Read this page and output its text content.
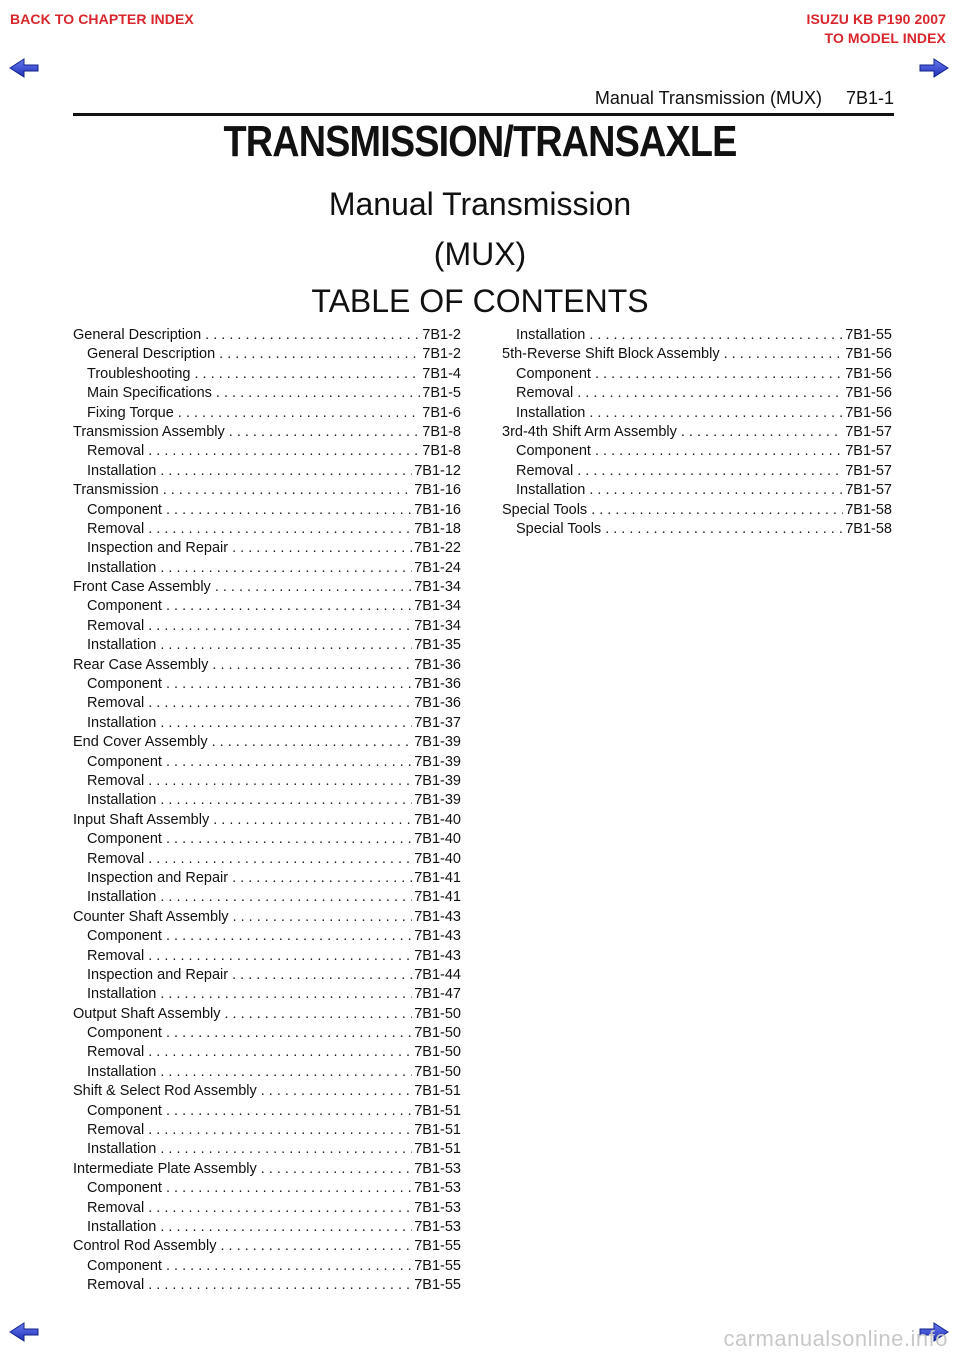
BACK TO CHAPTER INDEX	ISUZU KB P190 2007
TO MODEL INDEX
Manual Transmission (MUX) 7B1-1
TRANSMISSION/TRANSAXLE
Manual Transmission
(MUX)
TABLE OF CONTENTS
General Description . . .	7B1-2
General Description . . .	7B1-2
Troubleshooting . . .	7B1-4
Main Specifications . . .	7B1-5
Fixing Torque . . .	7B1-6
Transmission Assembly . . .	7B1-8
Removal . . .	7B1-8
Installation . . .	7B1-12
Transmission . . .	7B1-16
Component . . .	7B1-16
Removal . . .	7B1-18
Inspection and Repair . . .	7B1-22
Installation . . .	7B1-24
Front Case Assembly . . .	7B1-34
Component . . .	7B1-34
Removal . . .	7B1-34
Installation . . .	7B1-35
Rear Case Assembly . . .	7B1-36
Component . . .	7B1-36
Removal . . .	7B1-36
Installation . . .	7B1-37
End Cover Assembly . . .	7B1-39
Component . . .	7B1-39
Removal . . .	7B1-39
Installation . . .	7B1-39
Input Shaft Assembly . . .	7B1-40
Component . . .	7B1-40
Removal . . .	7B1-40
Inspection and Repair . . .	7B1-41
Installation . . .	7B1-41
Counter Shaft Assembly . . .	7B1-43
Component . . .	7B1-43
Removal . . .	7B1-43
Inspection and Repair . . .	7B1-44
Installation . . .	7B1-47
Output Shaft Assembly . . .	7B1-50
Component . . .	7B1-50
Removal . . .	7B1-50
Installation . . .	7B1-50
Shift & Select Rod Assembly . . .	7B1-51
Component . . .	7B1-51
Removal . . .	7B1-51
Installation . . .	7B1-51
Intermediate Plate Assembly . . .	7B1-53
Component . . .	7B1-53
Removal . . .	7B1-53
Installation . . .	7B1-53
Control Rod Assembly . . .	7B1-55
Component . . .	7B1-55
Removal . . .	7B1-55
Installation . . .	7B1-55
5th-Reverse Shift Block Assembly . . .	7B1-56
Component . . .	7B1-56
Removal . . .	7B1-56
Installation . . .	7B1-56
3rd-4th Shift Arm Assembly . . .	7B1-57
Component . . .	7B1-57
Removal . . .	7B1-57
Installation . . .	7B1-57
Special Tools . . .	7B1-58
Special Tools . . .	7B1-58
carmanualsonline.info
